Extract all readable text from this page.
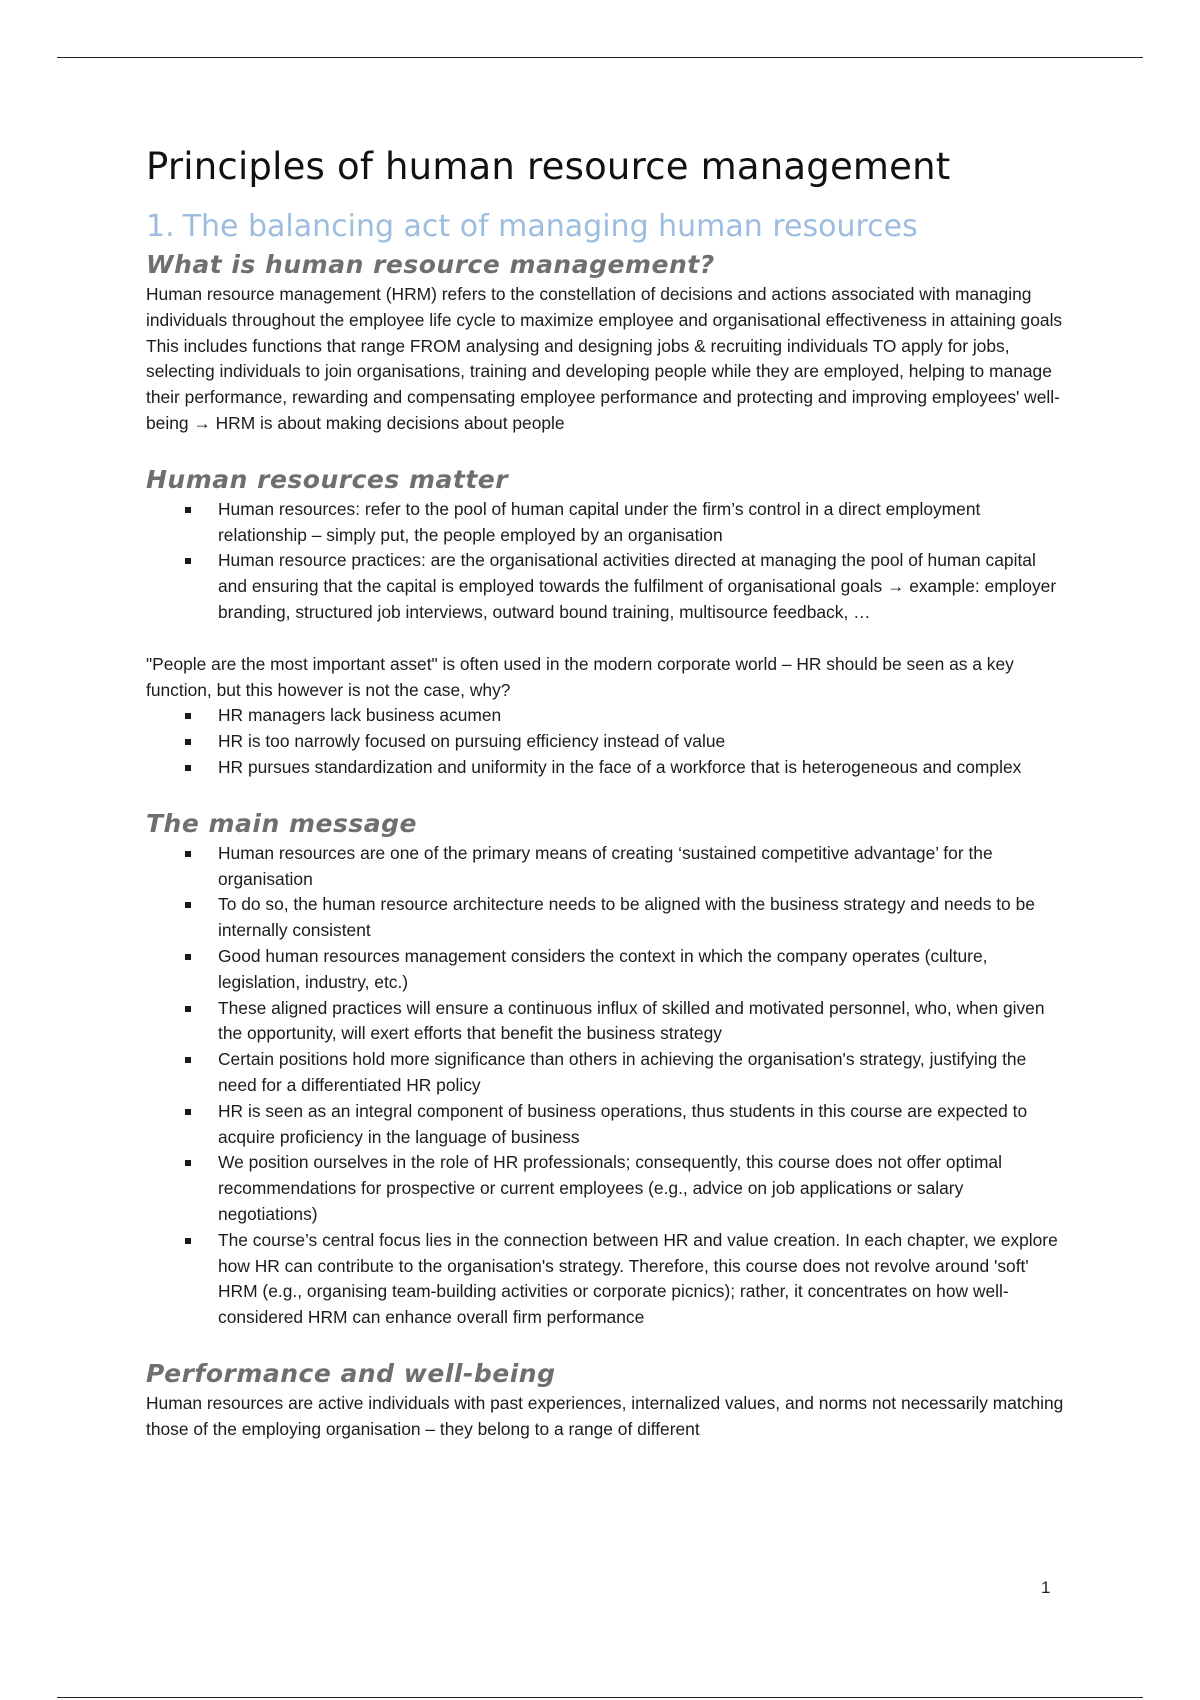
Principles of human resource management
1. The balancing act of managing human resources
What is human resource management?

Human resource management (HRM) refers to the constellation of decisions and actions associated with managing individuals throughout the employee life cycle to maximize employee and organisational effectiveness in attaining goals

This includes functions that range FROM analysing and designing jobs & recruiting individuals TO apply for jobs, selecting individuals to join organisations, training and developing people while they are employed, helping to manage their performance, rewarding and compensating employee performance and protecting and improving employees' well-being → HRM is about making decisions about people

Human resources matter
Human resources: refer to the pool of human capital under the firm’s control in a direct employment relationship – simply put, the people employed by an organisation
Human resource practices: are the organisational activities directed at managing the pool of human capital and ensuring that the capital is employed towards the fulfilment of organisational goals → example: employer branding, structured job interviews, outward bound training, multisource feedback, …

"People are the most important asset" is often used in the modern corporate world – HR should be seen as a key function, but this however is not the case, why?

HR managers lack business acumen
HR is too narrowly focused on pursuing efficiency instead of value
HR pursues standardization and uniformity in the face of a workforce that is heterogeneous and complex
The main message
Human resources are one of the primary means of creating ‘sustained competitive advantage’ for the organisation
To do so, the human resource architecture needs to be aligned with the business strategy and needs to be internally consistent
Good human resources management considers the context in which the company operates (culture, legislation, industry, etc.)
These aligned practices will ensure a continuous influx of skilled and motivated personnel, who, when given the opportunity, will exert efforts that benefit the business strategy
Certain positions hold more significance than others in achieving the organisation's strategy, justifying the need for a differentiated HR policy
HR is seen as an integral component of business operations, thus students in this course are expected to acquire proficiency in the language of business
We position ourselves in the role of HR professionals; consequently, this course does not offer optimal recommendations for prospective or current employees (e.g., advice on job applications or salary negotiations)
The course’s central focus lies in the connection between HR and value creation. In each chapter, we explore how HR can contribute to the organisation's strategy. Therefore, this course does not revolve around 'soft' HRM (e.g., organising team-building activities or corporate picnics); rather, it concentrates on how well-considered HRM can enhance overall firm performance
Performance and well-being

Human resources are active individuals with past experiences, internalized values, and norms not necessarily matching those of the employing organisation – they belong to a range of different

1
